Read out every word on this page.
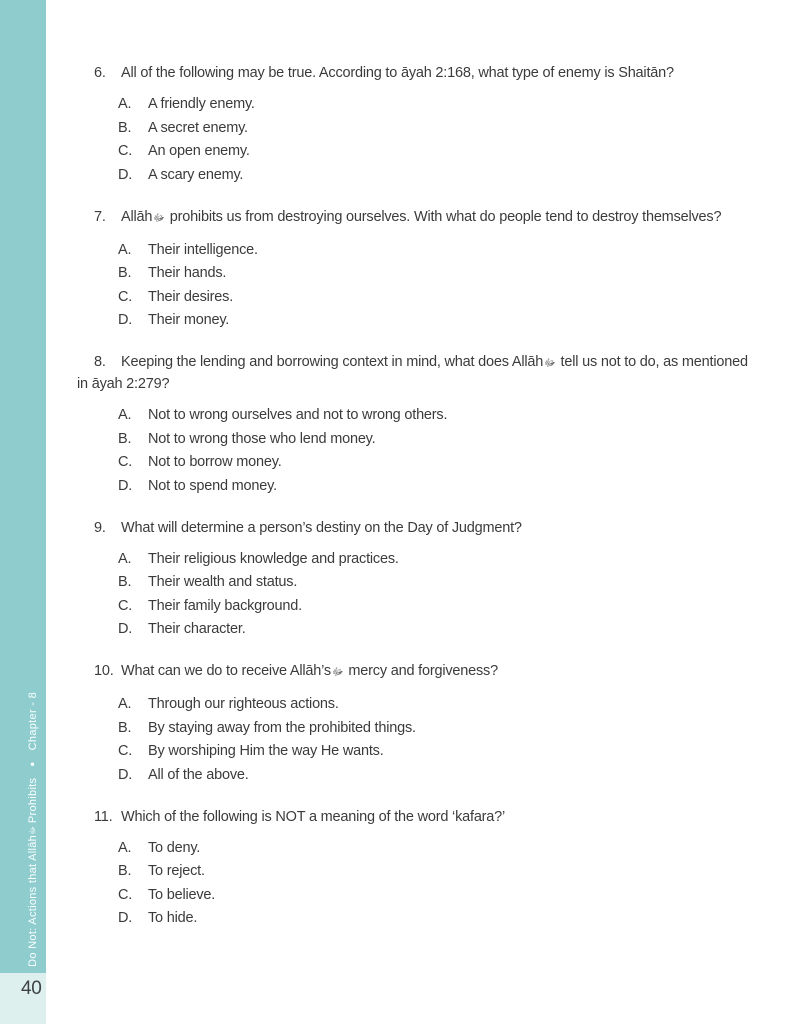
Do Not: Actions that Allāhﷻ Prohibits●Chapter - 8
40

6. All of the following may be true. According to āyah 2:168, what type of enemy is Shaitān?

A. A friendly enemy.

B. A secret enemy.

C. An open enemy.

D. A scary enemy.

7. Allāhﷻ prohibits us from destroying ourselves. With what do people tend to destroy themselves?

A. Their intelligence.

B. Their hands.

C. Their desires.

D. Their money.

8. Keeping the lending and borrowing context in mind, what does Allāhﷻ tell us not to do, as mentioned in āyah 2:279?

A. Not to wrong ourselves and not to wrong others.

B. Not to wrong those who lend money.

C. Not to borrow money.

D. Not to spend money.

9. What will determine a person’s destiny on the Day of Judgment?

A. Their religious knowledge and practices.

B. Their wealth and status.

C. Their family background.

D. Their character.

10. What can we do to receive Allāh’sﷻ mercy and forgiveness?

A. Through our righteous actions.

B. By staying away from the prohibited things.

C. By worshiping Him the way He wants.

D. All of the above.

11. Which of the following is NOT a meaning of the word ‘kafara?’

A. To deny.

B. To reject.

C. To believe.

D. To hide.
